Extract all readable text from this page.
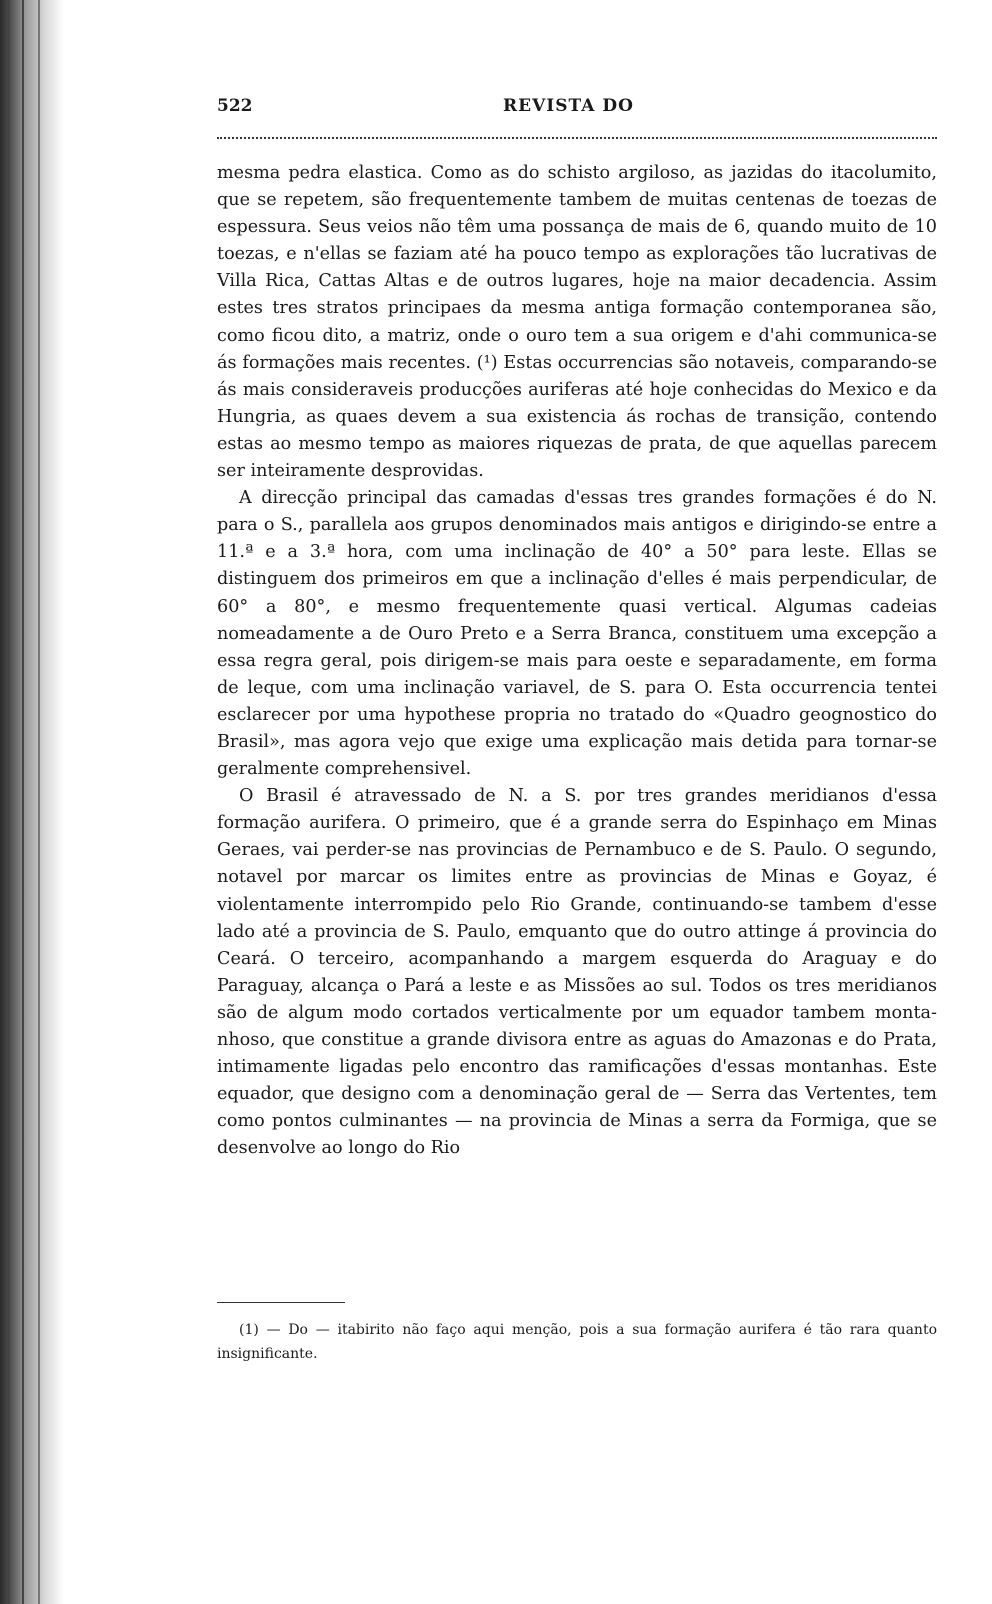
522	REVISTA DO

mesma pedra elastica. Como as do schisto argiloso, as jazidas do itacolumito, que se repetem, são frequentemente tambem de muitas centenas de toezas de espessura. Seus veios não têm uma possança de mais de 6, quando muito de 10 toezas, e n'ellas se faziam até ha pouco tempo as explorações tão lucrativas de Villa Rica, Cattas Altas e de outros lugares, hoje na maior decadencia. Assim estes tres stratos principaes da mesma antiga formação contemporanea são, como ficou dito, a matriz, onde o ouro tem a sua origem e d'ahi communica-se ás formações mais recentes. (¹) Estas occurrencias são notaveis, comparando-se ás mais consideraveis producções auriferas até hoje conhecidas do Mexico e da Hungria, as quaes devem a sua existencia ás rochas de transição, contendo estas ao mesmo tempo as maiores riquezas de prata, de que aquellas parecem ser inteiramente desprovidas.

A direcção principal das camadas d'essas tres grandes formações é do N. para o S., parallela aos grupos denominados mais antigos e dirigindo-se entre a 11.ª e a 3.ª hora, com uma inclinação de 40° a 50° para leste. Ellas se distinguem dos primeiros em que a inclinação d'elles é mais perpendicular, de 60° a 80°, e mesmo frequentemente quasi vertical. Algumas cadeias nomeadamente a de Ouro Preto e a Serra Branca, constituem uma excepção a essa regra geral, pois dirigem-se mais para oeste e separadamente, em forma de leque, com uma inclinação variavel, de S. para O. Esta occurrencia tentei esclarecer por uma hypothese propria no tratado do «Quadro geognostico do Brasil», mas agora vejo que exige uma explicação mais detida para tornar-se geralmente comprehensivel.

O Brasil é atravessado de N. a S. por tres grandes meridianos d'essa formação aurifera. O primeiro, que é a grande serra do Espinhaço em Minas Geraes, vai perder-se nas provincias de Pernambuco e de S. Paulo. O segundo, notavel por marcar os limites entre as provincias de Minas e Goyaz, é violentamente interrompido pelo Rio Grande, continuando-se tambem d'esse lado até a provincia de S. Paulo, emquanto que do outro attinge á provincia do Ceará. O terceiro, acompanhando a margem esquerda do Araguay e do Paraguay, alcança o Pará a leste e as Missões ao sul. Todos os tres meridianos são de algum modo cortados verticalmente por um equador tambem montanhoso, que constitue a grande divisora entre as aguas do Amazonas e do Prata, intimamente ligadas pelo encontro das ramificações d'essas montanhas. Este equador, que designo com a denominação geral de — Serra das Vertentes, tem como pontos culminantes — na provincia de Minas a serra da Formiga, que se desenvolve ao longo do Rio

(1) — Do — itabirito não faço aqui menção, pois a sua formação aurifera é tão rara quanto insignificante.
